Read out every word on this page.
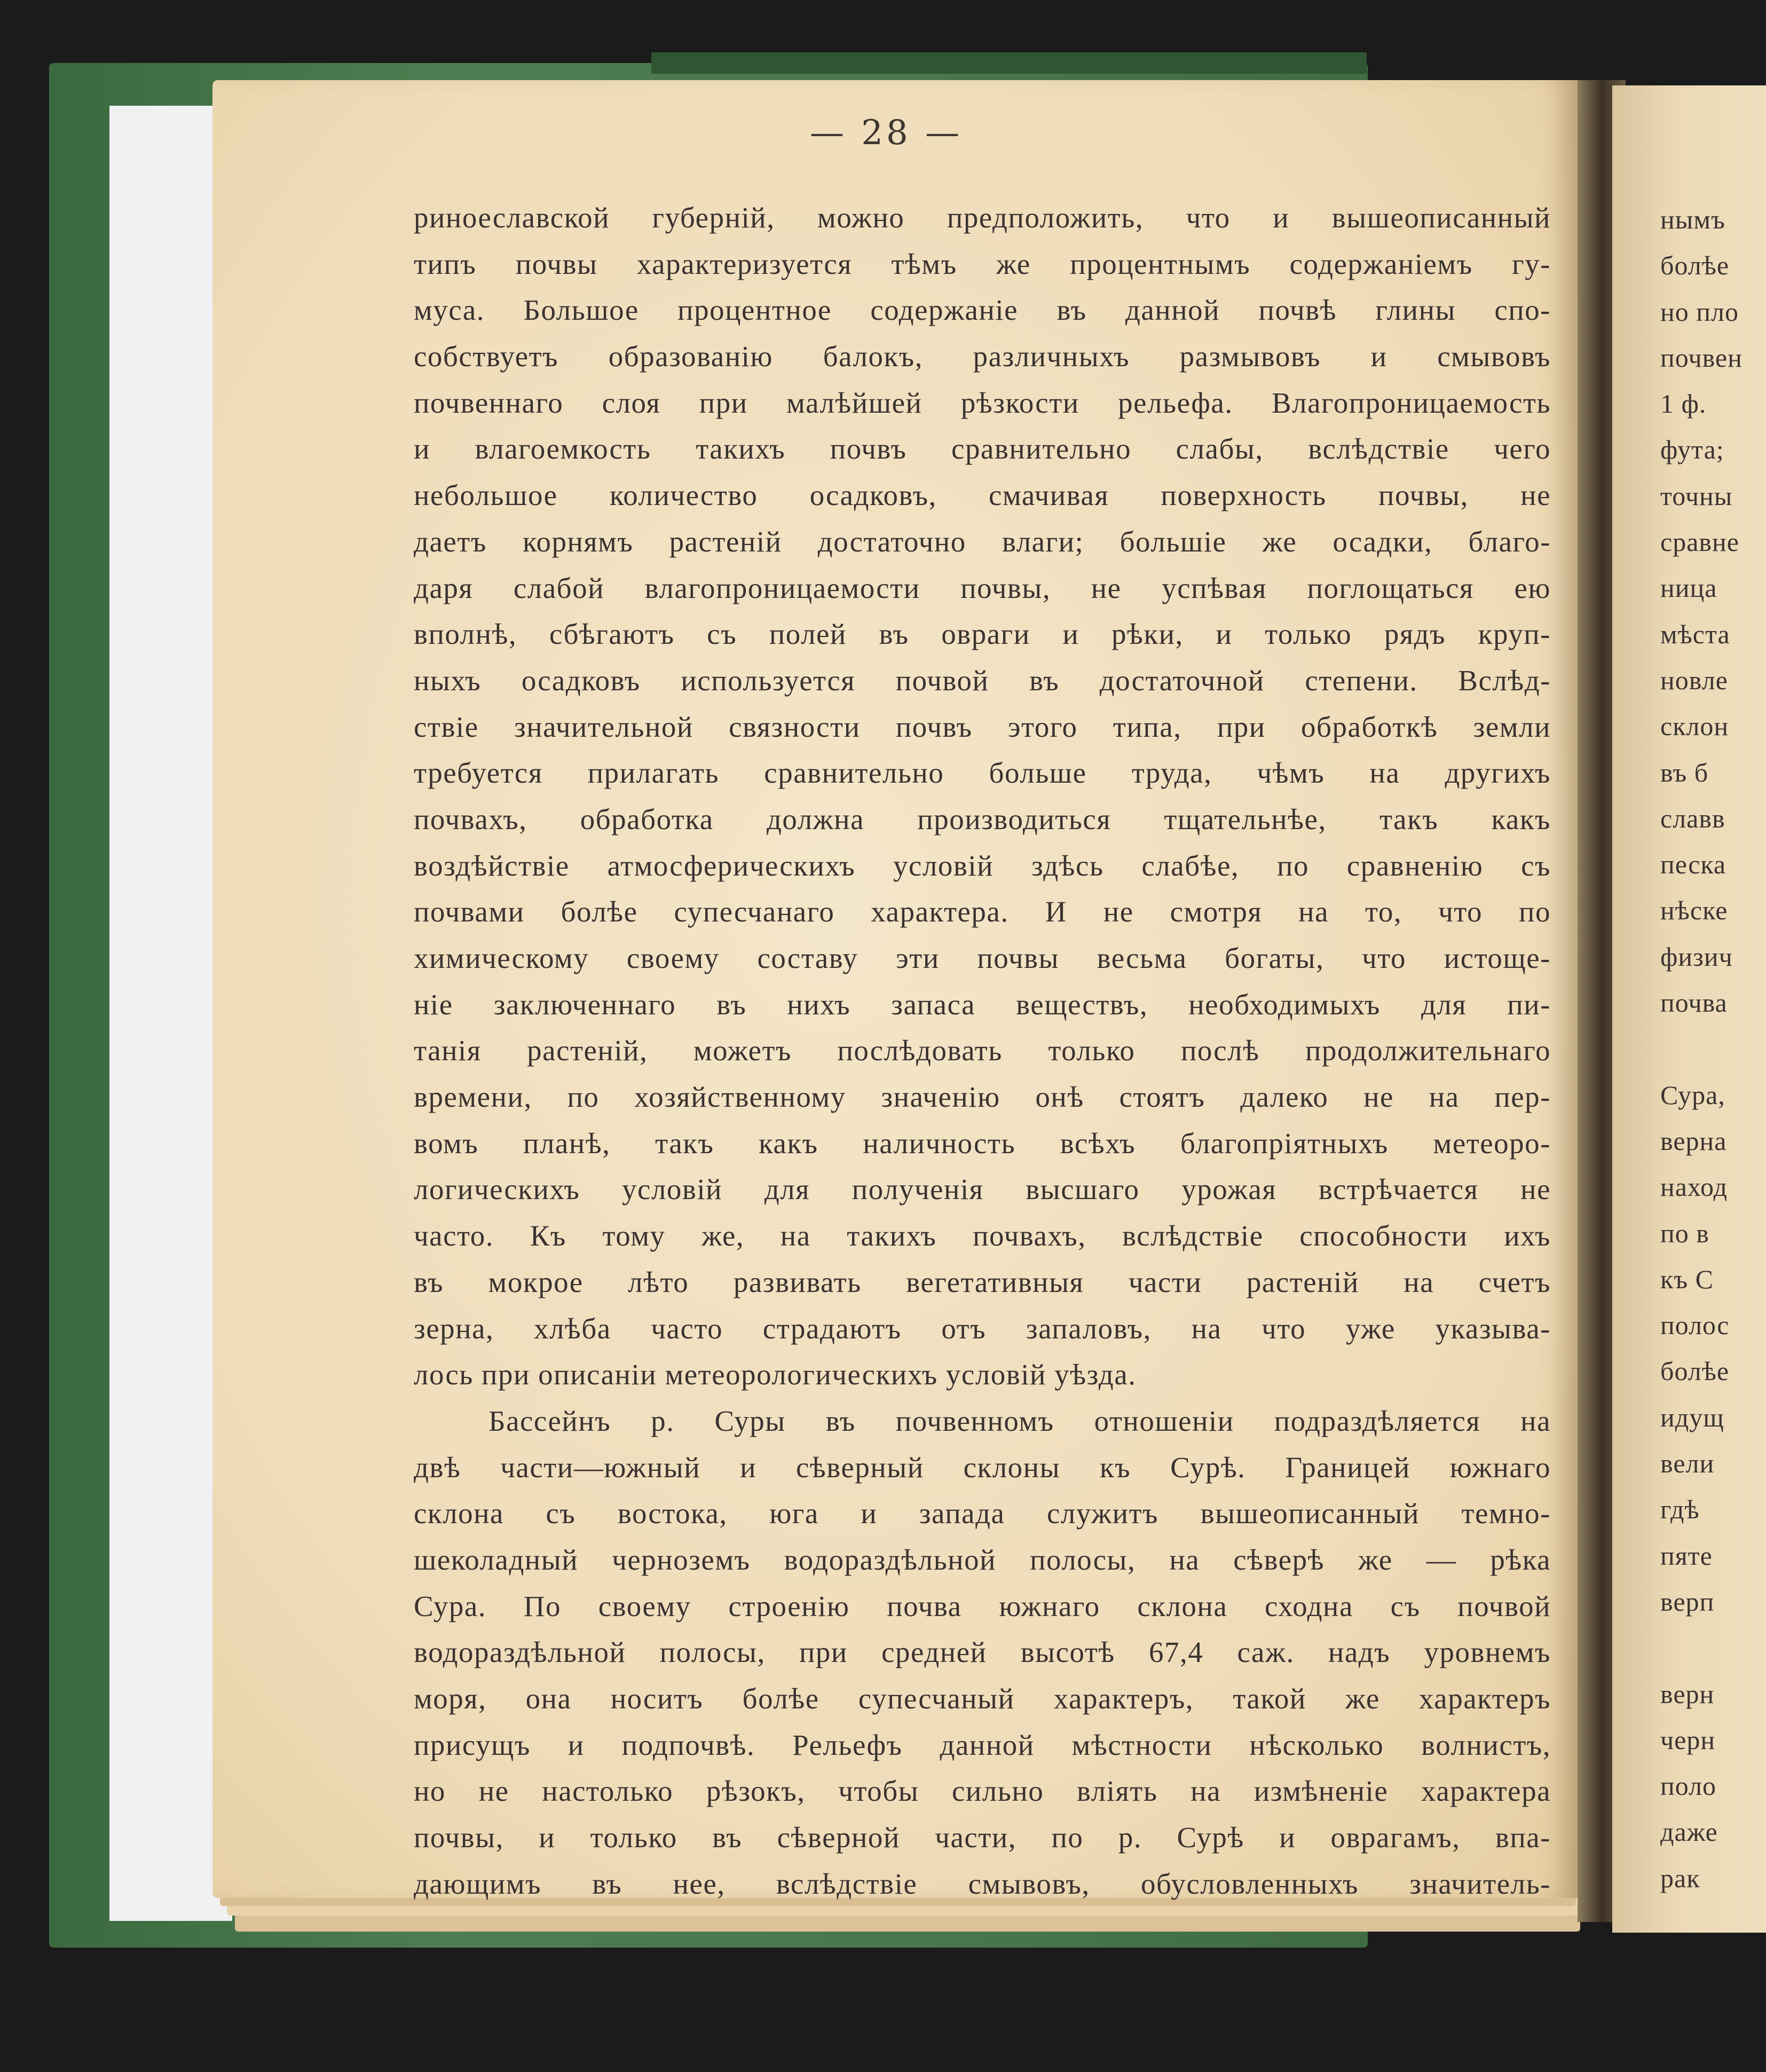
— 28 —
риноеславской губерній, можно предположить, что и вышеописанный
типъ почвы характеризуется тѣмъ же процентнымъ содержаніемъ гу-
муса. Большое процентное содержаніе въ данной почвѣ глины спо-
собствуетъ образованію балокъ, различныхъ размывовъ и смывовъ
почвеннаго слоя при малѣйшей рѣзкости рельефа. Влагопроницаемость
и влагоемкость такихъ почвъ сравнительно слабы, вслѣдствіе чего
небольшое количество осадковъ, смачивая поверхность почвы, не
даетъ корнямъ растеній достаточно влаги; большіе же осадки, благо-
даря слабой влагопроницаемости почвы, не успѣвая поглощаться ею
вполнѣ, сбѣгаютъ съ полей въ овраги и рѣки, и только рядъ круп-
ныхъ осадковъ используется почвой въ достаточной степени. Вслѣд-
ствіе значительной связности почвъ этого типа, при обработкѣ земли
требуется прилагать сравнительно больше труда, чѣмъ на другихъ
почвахъ, обработка должна производиться тщательнѣе, такъ какъ
воздѣйствіе атмосферическихъ условій здѣсь слабѣе, по сравненію съ
почвами болѣе супесчанаго характера. И не смотря на то, что по
химическому своему составу эти почвы весьма богаты, что истоще-
ніе заключеннаго въ нихъ запаса веществъ, необходимыхъ для пи-
танія растеній, можетъ послѣдовать только послѣ продолжительнаго
времени, по хозяйственному значенію онѣ стоятъ далеко не на пер-
вомъ планѣ, такъ какъ наличность всѣхъ благопріятныхъ метеоро-
логическихъ условій для полученія высшаго урожая встрѣчается не
часто. Къ тому же, на такихъ почвахъ, вслѣдствіе способности ихъ
въ мокрое лѣто развивать вегетативныя части растеній на счетъ
зерна, хлѣба часто страдаютъ отъ запаловъ, на что уже указыва-
лось при описаніи метеорологическихъ условій уѣзда.
Бассейнъ р. Суры въ почвенномъ отношеніи подраздѣляется на
двѣ части—южный и сѣверный склоны къ Сурѣ. Границей южнаго
склона съ востока, юга и запада служитъ вышеописанный темно-
шеколадный черноземъ водораздѣльной полосы, на сѣверѣ же — рѣка
Сура. По своему строенію почва южнаго склона сходна съ почвой
водораздѣльной полосы, при средней высотѣ 67,4 саж. надъ уровнемъ
моря, она носитъ болѣе супесчаный характеръ, такой же характеръ
присущъ и подпочвѣ. Рельефъ данной мѣстности нѣсколько волнистъ,
но не настолько рѣзокъ, чтобы сильно вліять на измѣненіе характера
почвы, и только въ сѣверной части, по р. Сурѣ и оврагамъ, впа-
дающимъ въ нее, вслѣдствіе смывовъ, обусловленныхъ значитель-
нымъ
болѣе
но пло
почвен
1 ф.
фута;
точны
сравне
ница
мѣста
новле
склон
въ б
славв
песка
нѣске
физич
почва
Сура,
верна
наход
по в
къ С
полос
болѣе
идущ
вели
гдѣ
пяте
верп
верн
черн
поло
даже
рак
